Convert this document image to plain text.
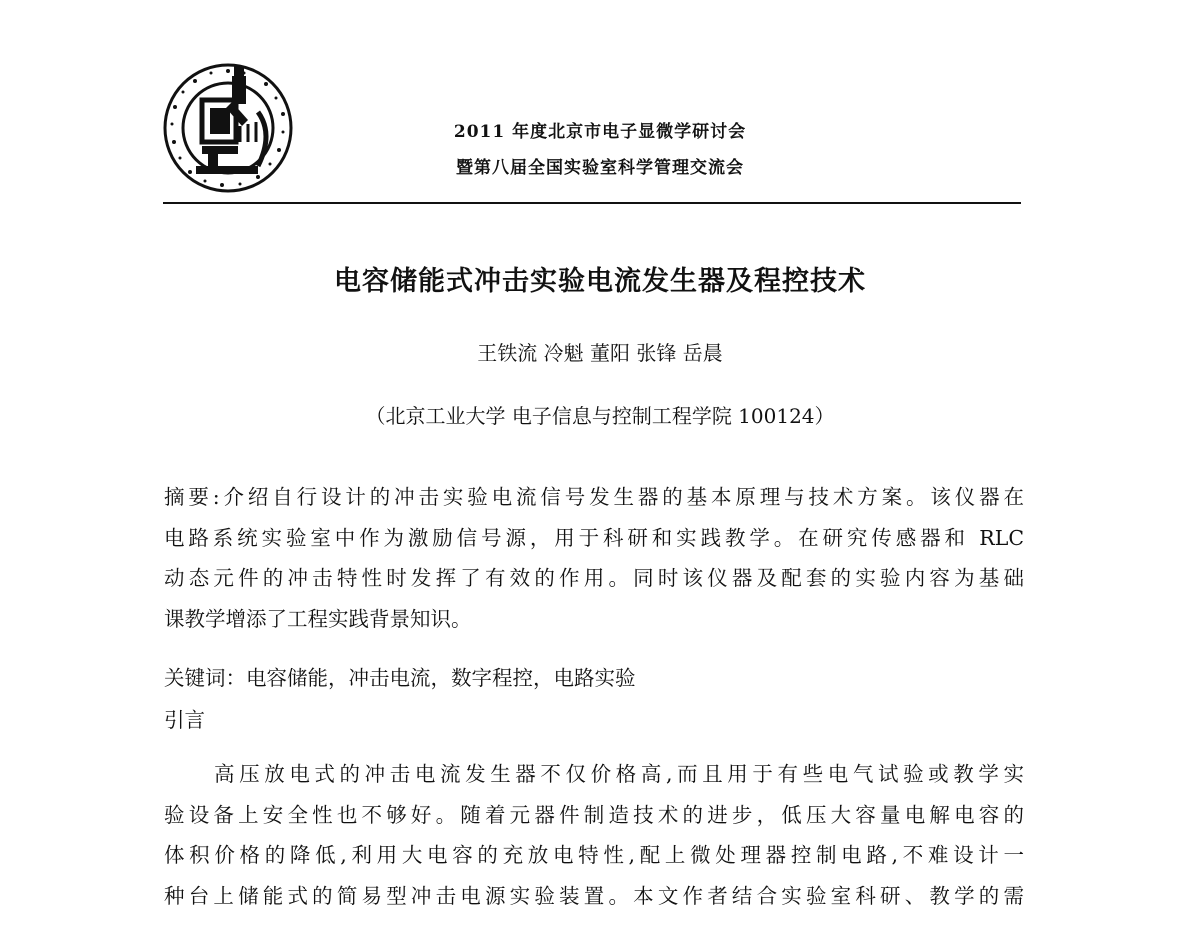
2011 年度北京市电子显微学研讨会
暨第八届全国实验室科学管理交流会
电容储能式冲击实验电流发生器及程控技术
王铁流 冷魁 董阳 张锋 岳晨
（北京工业大学 电子信息与控制工程学院 100124）
摘要:介绍自行设计的冲击实验电流信号发生器的基本原理与技术方案。该仪器在
电路系统实验室中作为激励信号源，用于科研和实践教学。在研究传感器和 RLC
动态元件的冲击特性时发挥了有效的作用。同时该仪器及配套的实验内容为基础
课教学增添了工程实践背景知识。
关键词：电容储能，冲击电流，数字程控，电路实验
引言
高压放电式的冲击电流发生器不仅价格高,而且用于有些电气试验或教学实
验设备上安全性也不够好。随着元器件制造技术的进步，低压大容量电解电容的
体积价格的降低,利用大电容的充放电特性,配上微处理器控制电路,不难设计一
种台上储能式的简易型冲击电源实验装置。本文作者结合实验室科研、教学的需
